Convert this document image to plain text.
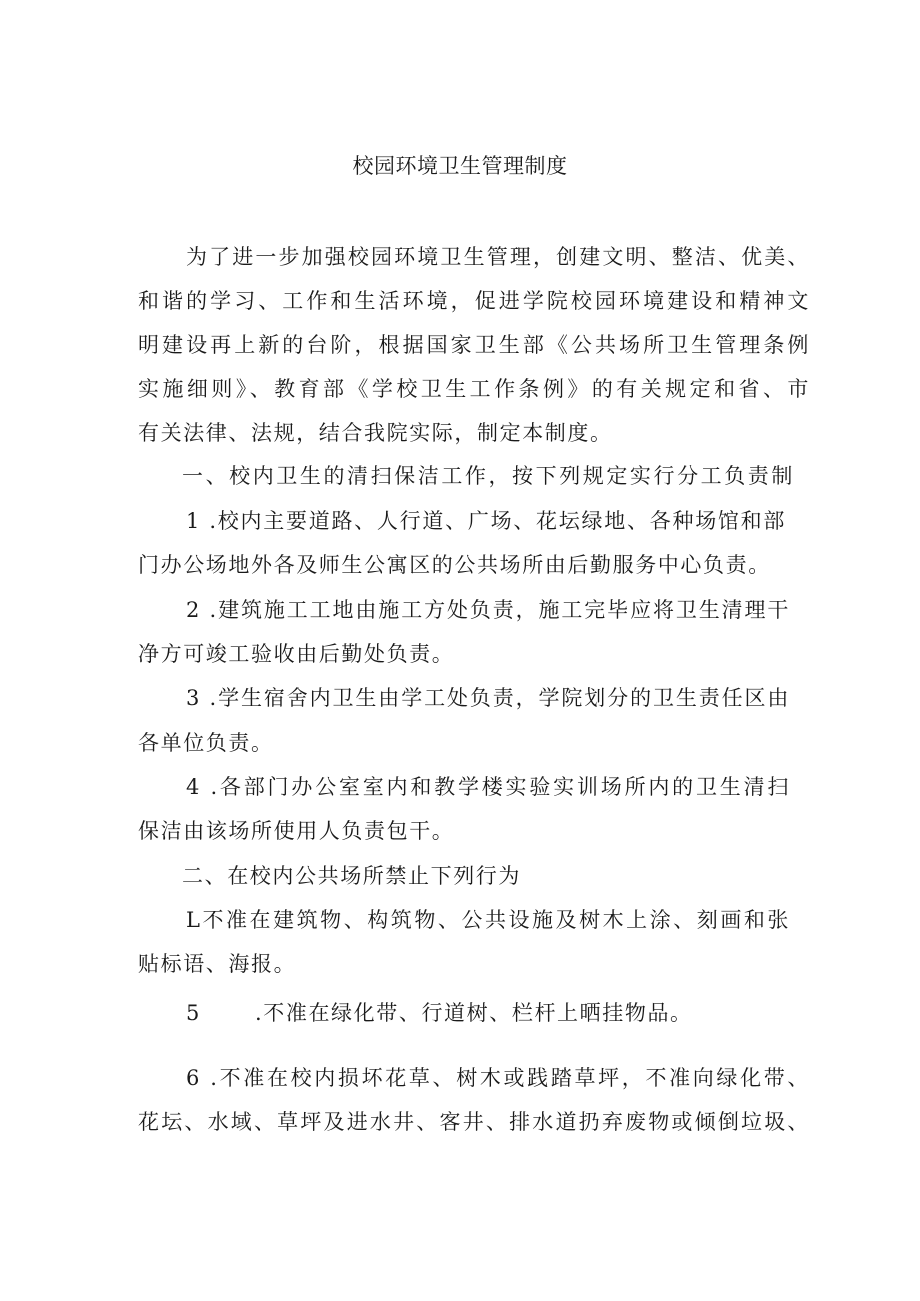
校园环境卫生管理制度
为了进一步加强校园环境卫生管理，创建文明、整洁、优美、
和谐的学习、工作和生活环境，促进学院校园环境建设和精神文
明建设再上新的台阶，根据国家卫生部《公共场所卫生管理条例
实施细则》、教育部《学校卫生工作条例》的有关规定和省、市
有关法律、法规，结合我院实际，制定本制度。
一、校内卫生的清扫保洁工作，按下列规定实行分工负责制
1 .校内主要道路、人行道、广场、花坛绿地、各种场馆和部
门办公场地外各及师生公寓区的公共场所由后勤服务中心负责。
2 .建筑施工工地由施工方处负责，施工完毕应将卫生清理干
净方可竣工验收由后勤处负责。
3 .学生宿舍内卫生由学工处负责，学院划分的卫生责任区由
各单位负责。
4 .各部门办公室室内和教学楼实验实训场所内的卫生清扫
保洁由该场所使用人负责包干。
二、在校内公共场所禁止下列行为
L不准在建筑物、构筑物、公共设施及树木上涂、刻画和张
贴标语、海报。
5	.不准在绿化带、行道树、栏杆上晒挂物品。
6 .不准在校内损坏花草、树木或践踏草坪，不准向绿化带、
花坛、水域、草坪及进水井、客井、排水道扔弃废物或倾倒垃圾、
